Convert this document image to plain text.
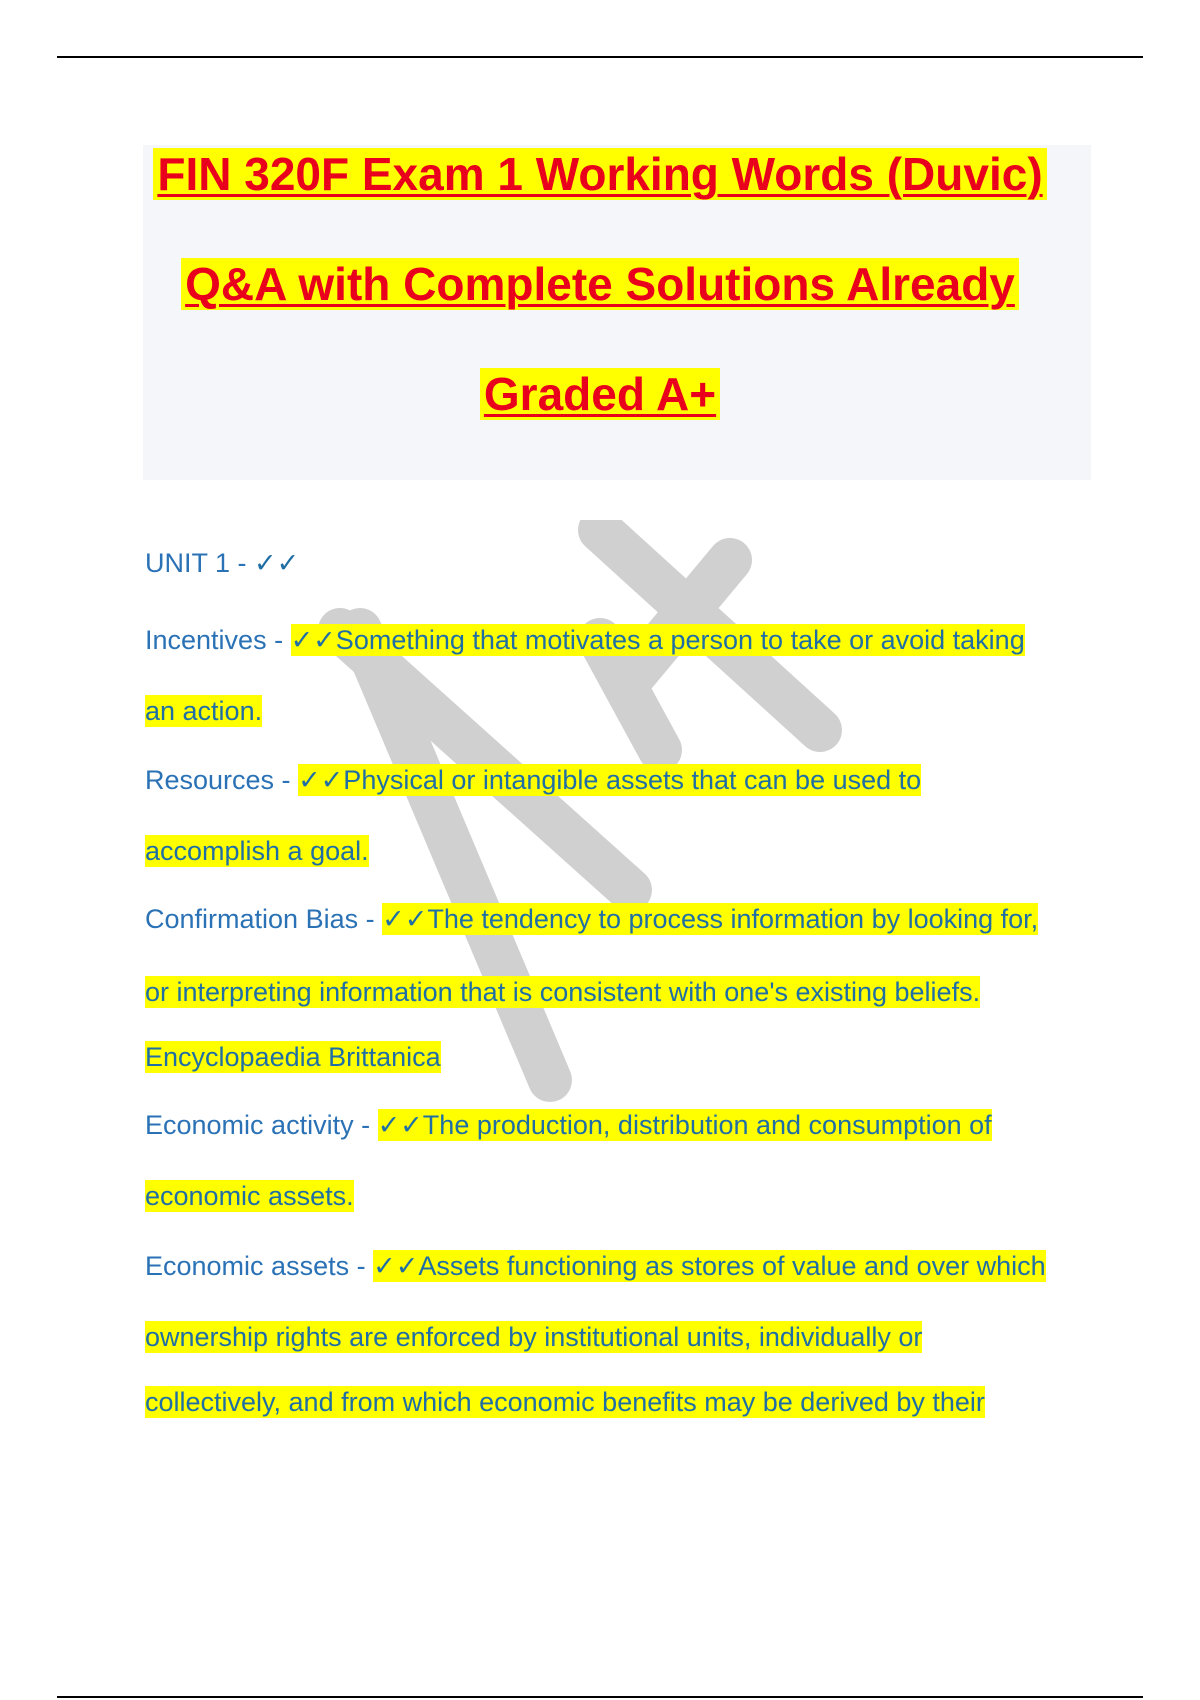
FIN 320F Exam 1 Working Words (Duvic)
Q&A with Complete Solutions Already
Graded A+
UNIT 1 - ✓✓
Incentives - ✓✓Something that motivates a person to take or avoid taking
an action.
Resources - ✓✓Physical or intangible assets that can be used to
accomplish a goal.
Confirmation Bias - ✓✓The tendency to process information by looking for,
or interpreting information that is consistent with one's existing beliefs.
Encyclopaedia Brittanica
Economic activity - ✓✓The production, distribution and consumption of
economic assets.
Economic assets - ✓✓Assets functioning as stores of value and over which
ownership rights are enforced by institutional units, individually or
collectively, and from which economic benefits may be derived by their
